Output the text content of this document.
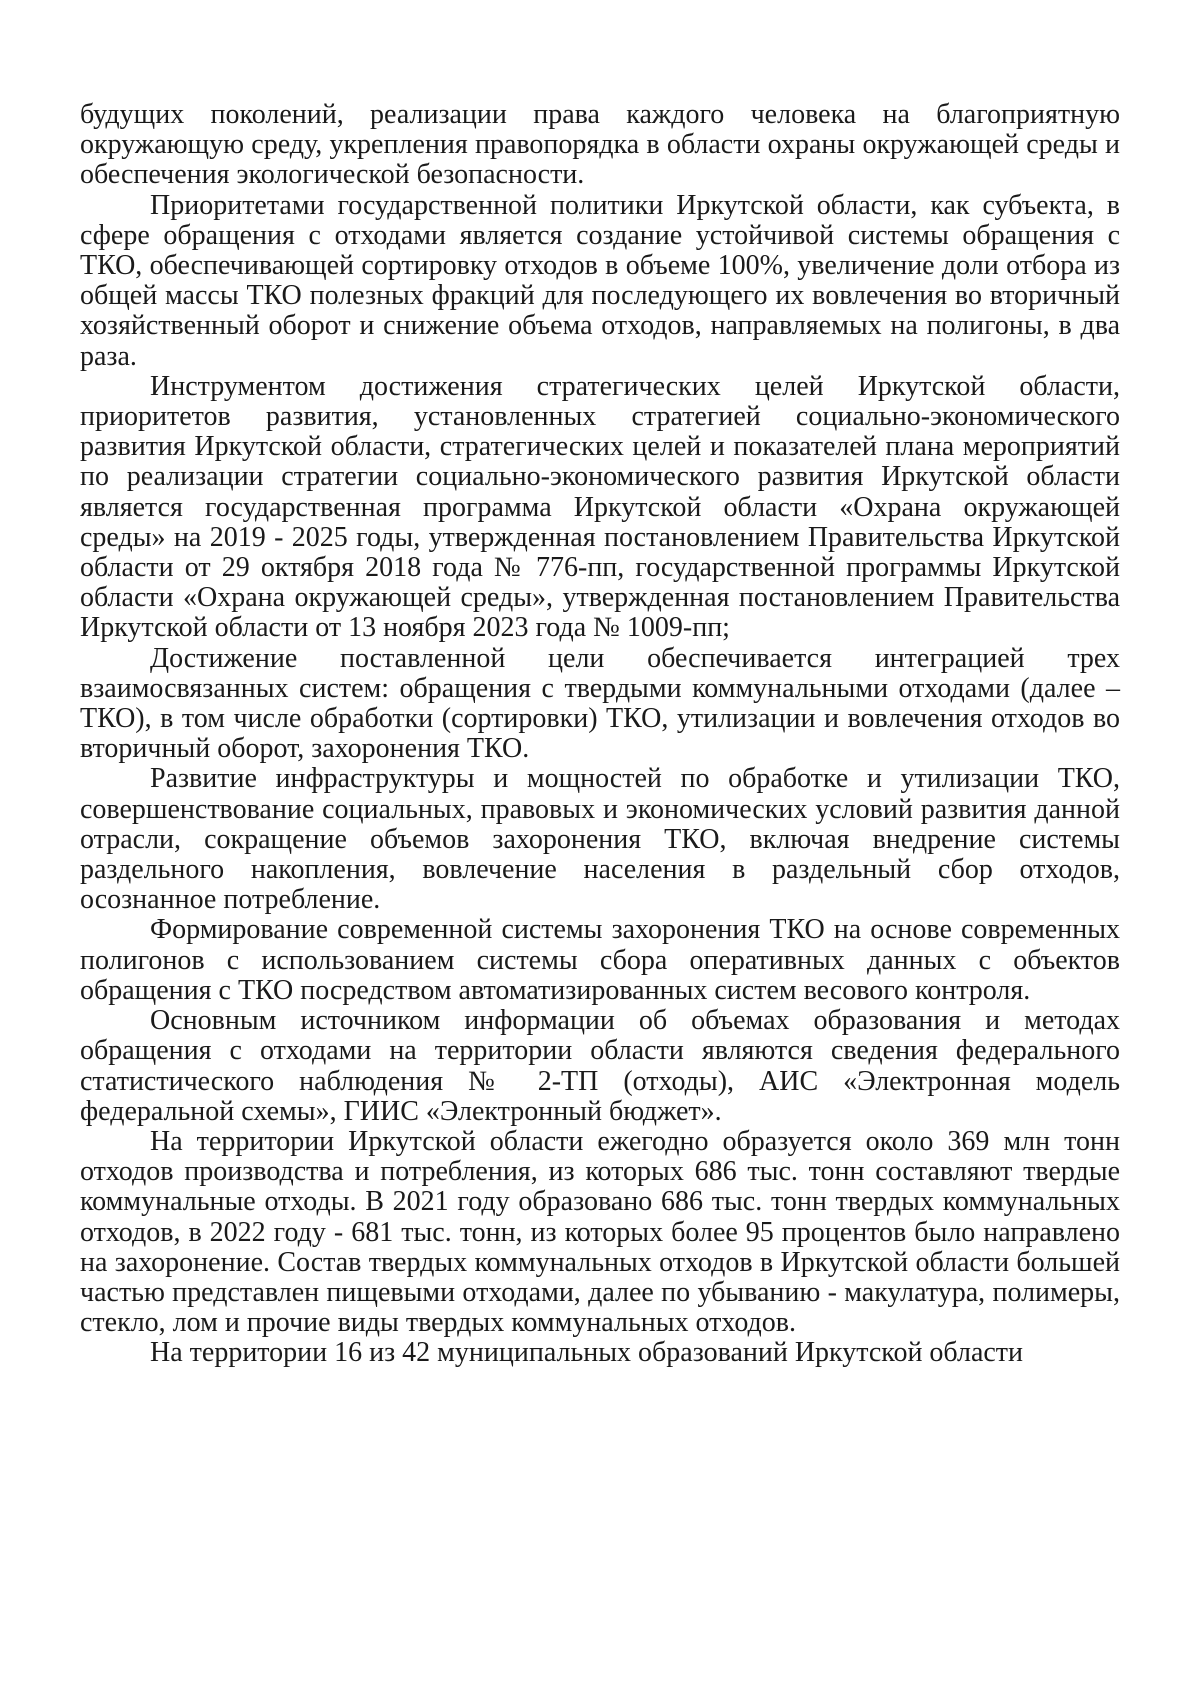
будущих поколений, реализации права каждого человека на благоприятную окружающую среду, укрепления правопорядка в области охраны окружающей среды и обеспечения экологической безопасности.

Приоритетами государственной политики Иркутской области, как субъекта, в сфере обращения с отходами является создание устойчивой системы обращения с ТКО, обеспечивающей сортировку отходов в объеме 100%, увеличение доли отбора из общей массы ТКО полезных фракций для последующего их вовлечения во вторичный хозяйственный оборот и снижение объема отходов, направляемых на полигоны, в два раза.

Инструментом достижения стратегических целей Иркутской области, приоритетов развития, установленных стратегией социально-экономического развития Иркутской области, стратегических целей и показателей плана мероприятий по реализации стратегии социально-экономического развития Иркутской области является государственная программа Иркутской области «Охрана окружающей среды» на 2019 - 2025 годы, утвержденная постановлением Правительства Иркутской области от 29 октября 2018 года № 776-пп, государственной программы Иркутской области «Охрана окружающей среды», утвержденная постановлением Правительства Иркутской области от 13 ноября 2023 года № 1009-пп;

Достижение поставленной цели обеспечивается интеграцией трех взаимосвязанных систем: обращения с твердыми коммунальными отходами (далее – ТКО), в том числе обработки (сортировки) ТКО, утилизации и вовлечения отходов во вторичный оборот, захоронения ТКО.

Развитие инфраструктуры и мощностей по обработке и утилизации ТКО, совершенствование социальных, правовых и экономических условий развития данной отрасли, сокращение объемов захоронения ТКО, включая внедрение системы раздельного накопления, вовлечение населения в раздельный сбор отходов, осознанное потребление.

Формирование современной системы захоронения ТКО на основе современных полигонов с использованием системы сбора оперативных данных с объектов обращения с ТКО посредством автоматизированных систем весового контроля.

Основным источником информации об объемах образования и методах обращения с отходами на территории области являются сведения федерального статистического наблюдения № 2-ТП (отходы), АИС «Электронная модель федеральной схемы», ГИИС «Электронный бюджет».

На территории Иркутской области ежегодно образуется около 369 млн тонн отходов производства и потребления, из которых 686 тыс. тонн составляют твердые коммунальные отходы. В 2021 году образовано 686 тыс. тонн твердых коммунальных отходов, в 2022 году - 681 тыс. тонн, из которых более 95 процентов было направлено на захоронение. Состав твердых коммунальных отходов в Иркутской области большей частью представлен пищевыми отходами, далее по убыванию - макулатура, полимеры, стекло, лом и прочие виды твердых коммунальных отходов.

На территории 16 из 42 муниципальных образований Иркутской области
